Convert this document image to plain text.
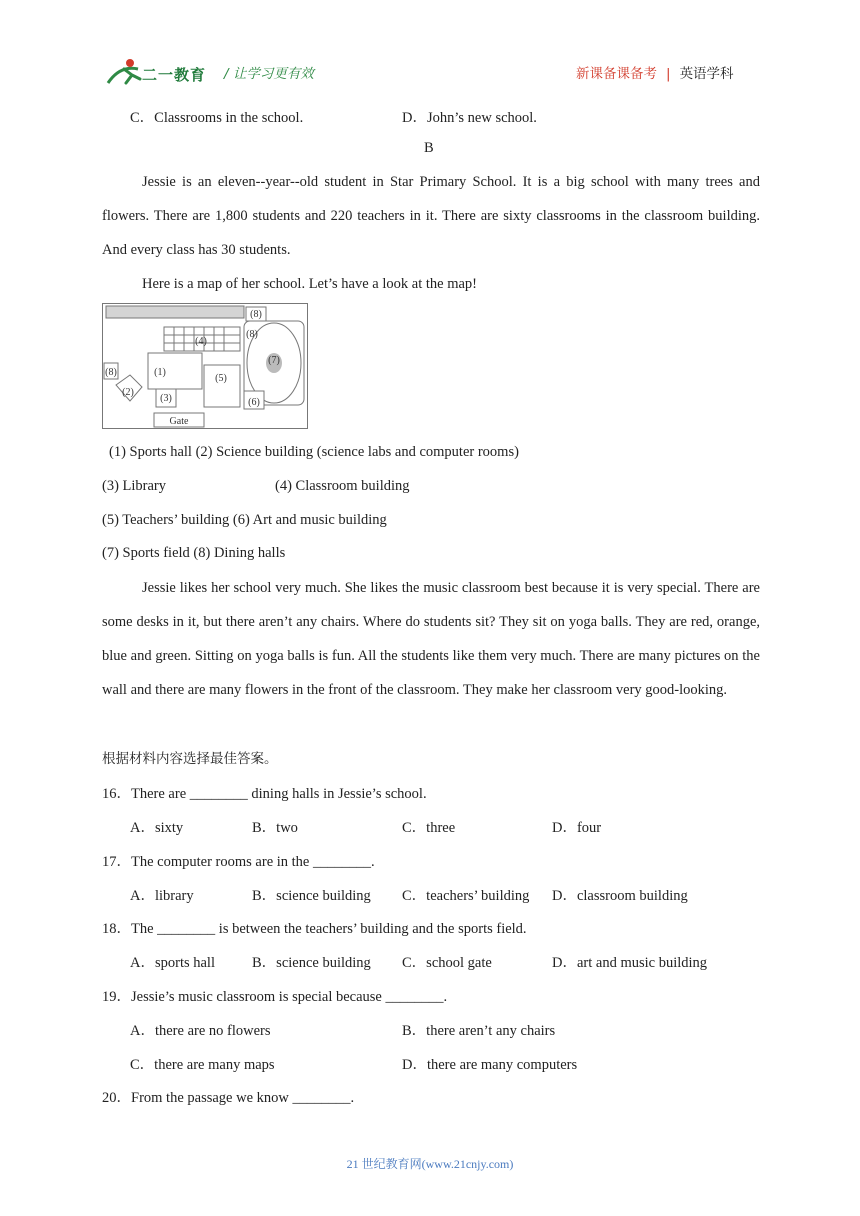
二一教育 / 让学习更有效	新课备课备考 | 英语学科
C．Classrooms in the school.	D．John’s new school.
B
Jessie is an eleven--year--old student in Star Primary School. It is a big school with many trees and flowers. There are 1,800 students and 220 teachers in it. There are sixty classrooms in the classroom building. And every class has 30 students.
Here is a map of her school. Let’s have a look at the map!
(8)
(8)
(4)
(7)
(1)
(5)
(8)
(2)
(3)	(6)
Gate
(1) Sports hall (2) Science building (science labs and computer rooms)
(3) Library	(4) Classroom building
(5) Teachers’ building (6) Art and music building
(7) Sports field (8) Dining halls
Jessie likes her school very much. She likes the music classroom best because it is very special. There are some desks in it, but there aren’t any chairs. Where do students sit? They sit on yoga balls. They are red, orange, blue and green. Sitting on yoga balls is fun. All the students like them very much. There are many pictures on the wall and there are many flowers in the front of the classroom. They make her classroom very good-looking.
根据材料内容选择最佳答案。
16．There are ________ dining halls in Jessie’s school.
A．sixty	B．two	C．three	D．four
17．The computer rooms are in the ________.
A．library	B．science building C．teachers’ building D．classroom building
18．The ________ is between the teachers’ building and the sports field.
A．sports hall	B．science building C．school gate	D．art and music building
19．Jessie’s music classroom is special because ________.
A．there are no flowers	B．there aren’t any chairs
C．there are many maps	D．there are many computers
20．From the passage we know ________.
21 世纪教育网(www.21cnjy.com)
